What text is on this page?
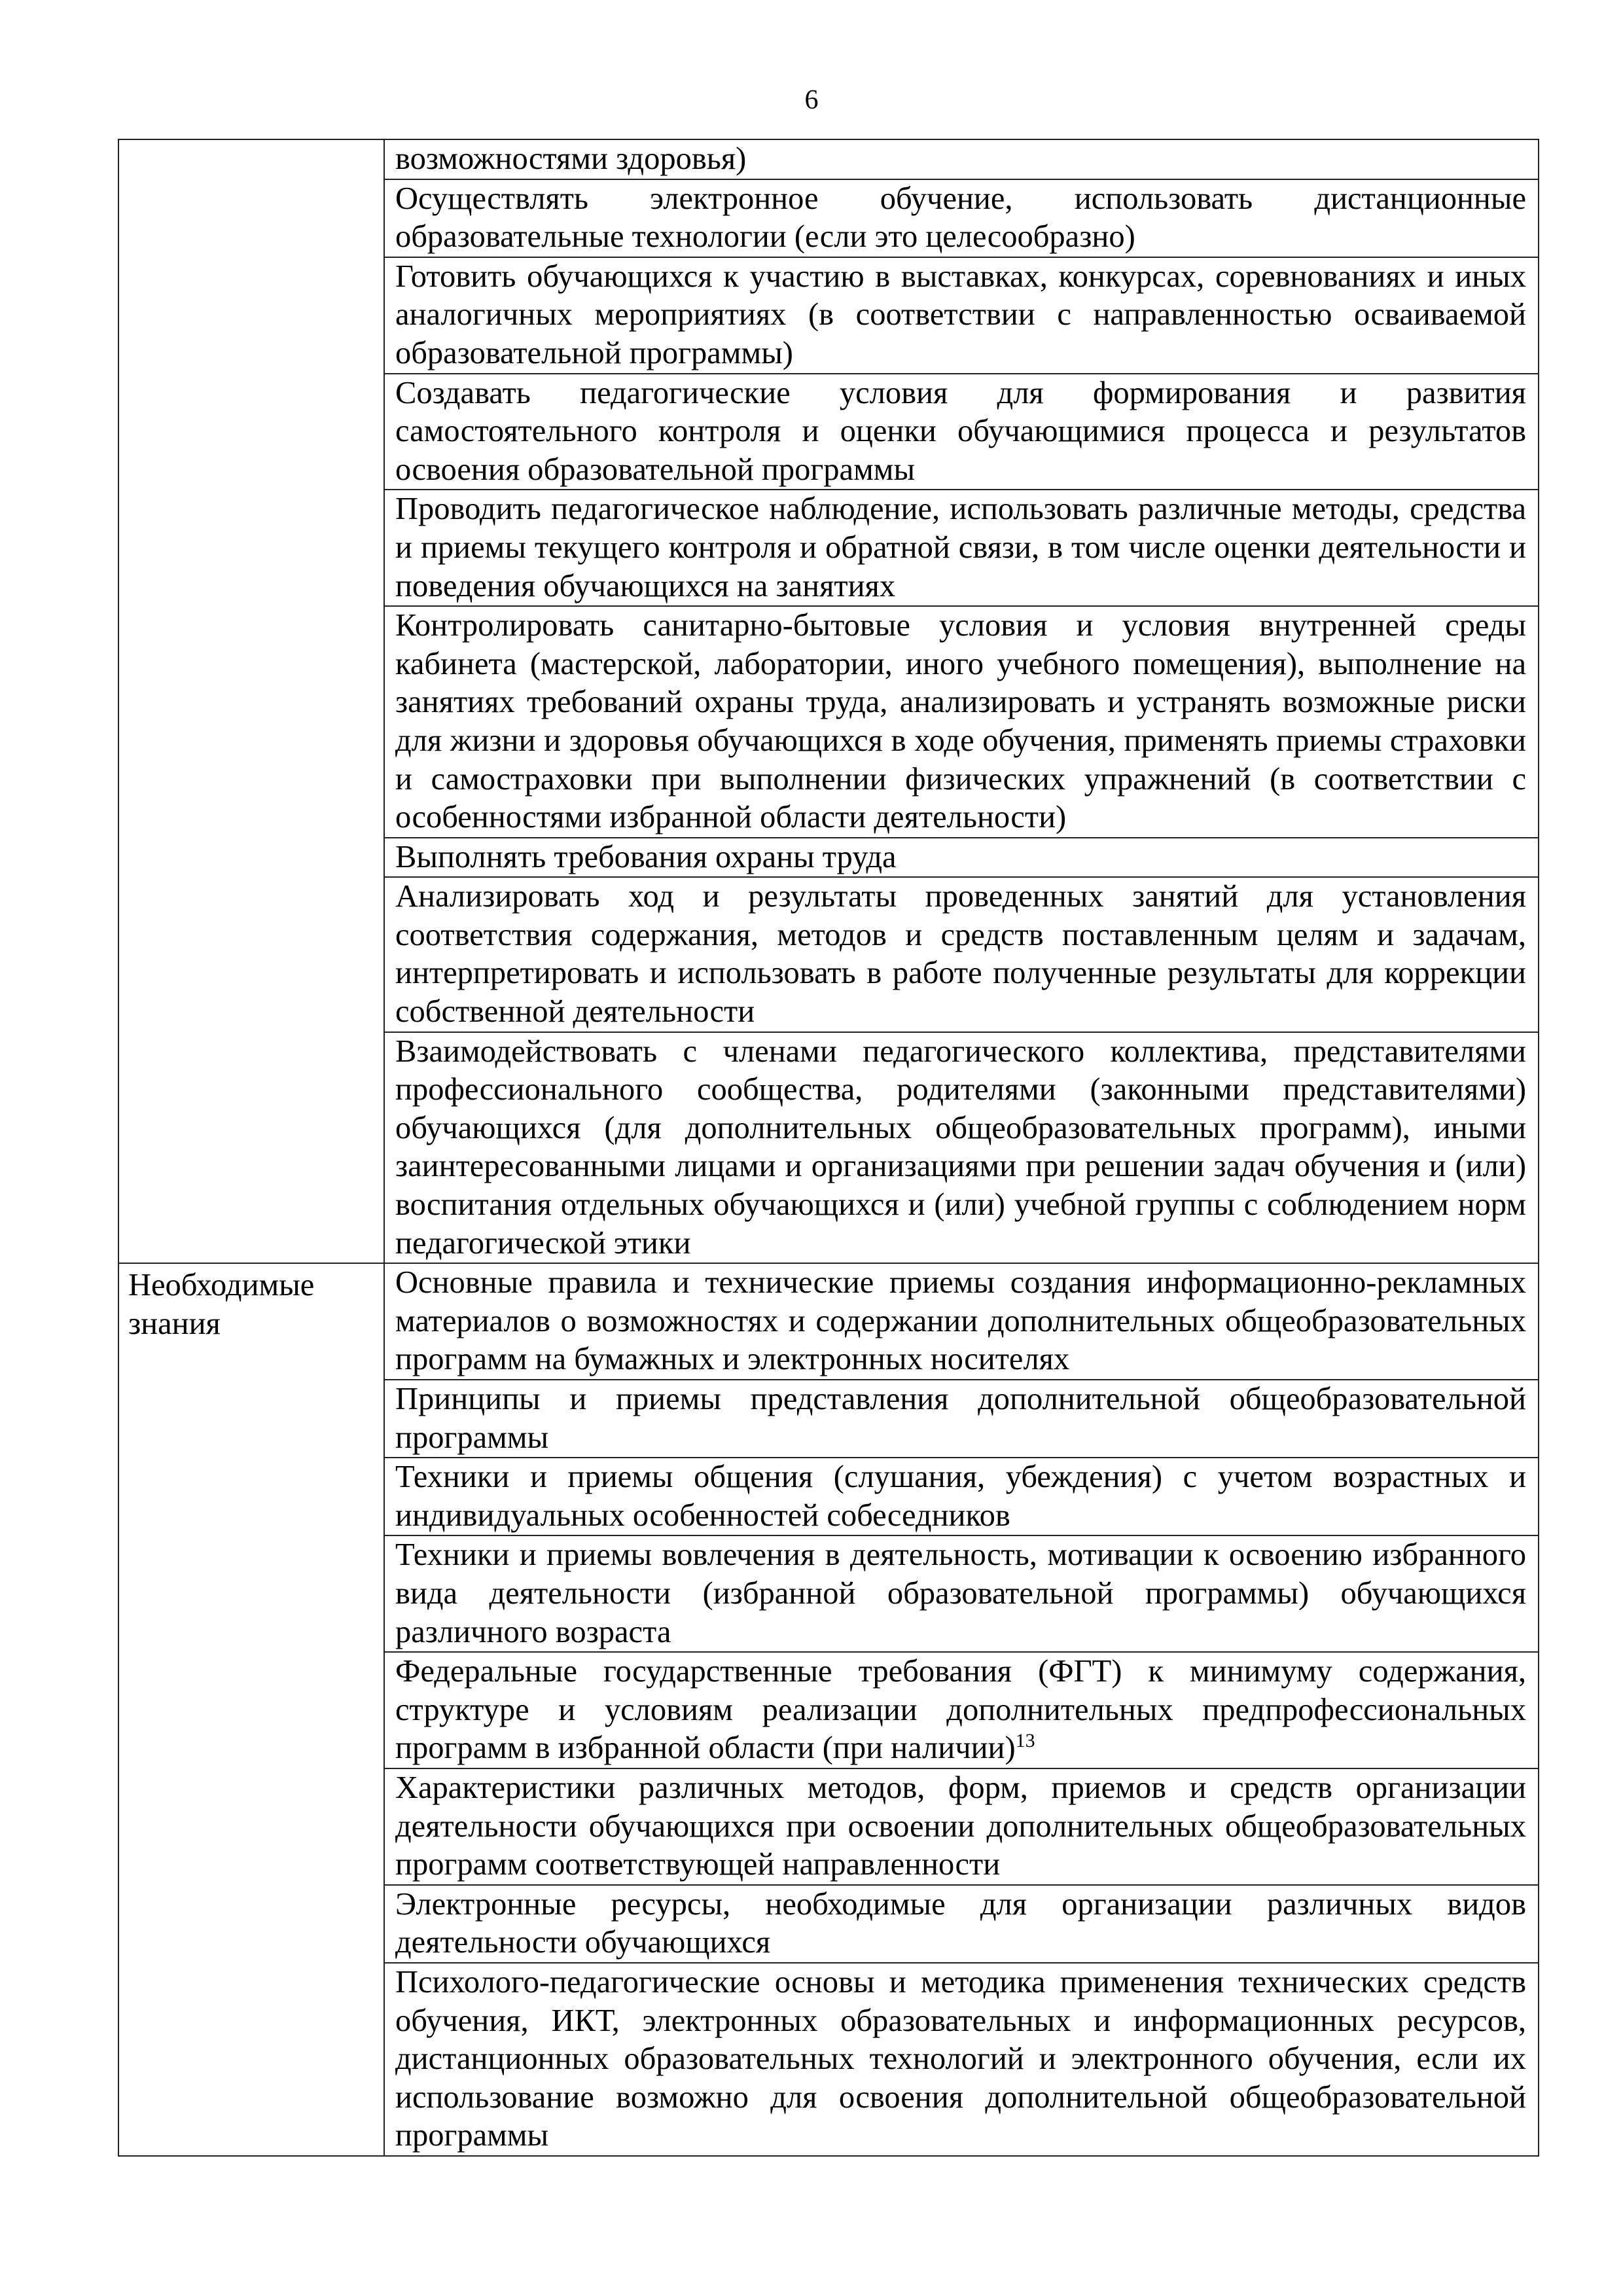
6
	возможностями здоровья)
	Осуществлять электронное обучение, использовать дистанционные образовательные технологии (если это целесообразно)
	Готовить обучающихся к участию в выставках, конкурсах, соревнованиях и иных аналогичных мероприятиях (в соответствии с направленностью осваиваемой образовательной программы)
	Создавать педагогические условия для формирования и развития самостоятельного контроля и оценки обучающимися процесса и результатов освоения образовательной программы
	Проводить педагогическое наблюдение, использовать различные методы, средства и приемы текущего контроля и обратной связи, в том числе оценки деятельности и поведения обучающихся на занятиях
	Контролировать санитарно-бытовые условия и условия внутренней среды кабинета (мастерской, лаборатории, иного учебного помещения), выполнение на занятиях требований охраны труда, анализировать и устранять возможные риски для жизни и здоровья обучающихся в ходе обучения, применять приемы страховки и самостраховки при выполнении физических упражнений (в соответствии с особенностями избранной области деятельности)
	Выполнять требования охраны труда
	Анализировать ход и результаты проведенных занятий для установления соответствия содержания, методов и средств поставленным целям и задачам, интерпретировать и использовать в работе полученные результаты для коррекции собственной деятельности
	Взаимодействовать с членами педагогического коллектива, представителями профессионального сообщества, родителями (законными представителями) обучающихся (для дополнительных общеобразовательных программ), иными заинтересованными лицами и организациями при решении задач обучения и (или) воспитания отдельных обучающихся и (или) учебной группы с соблюдением норм педагогической этики
Необходимые знания	Основные правила и технические приемы создания информационно-рекламных материалов о возможностях и содержании дополнительных общеобразовательных программ на бумажных и электронных носителях
	Принципы и приемы представления дополнительной общеобразовательной программы
	Техники и приемы общения (слушания, убеждения) с учетом возрастных и индивидуальных особенностей собеседников
	Техники и приемы вовлечения в деятельность, мотивации к освоению избранного вида деятельности (избранной образовательной программы) обучающихся различного возраста
	Федеральные государственные требования (ФГТ) к минимуму содержания, структуре и условиям реализации дополнительных предпрофессиональных программ в избранной области (при наличии)$^{13}$
	Характеристики различных методов, форм, приемов и средств организации деятельности обучающихся при освоении дополнительных общеобразовательных программ соответствующей направленности
	Электронные ресурсы, необходимые для организации различных видов деятельности обучающихся
	Психолого-педагогические основы и методика применения технических средств обучения, ИКТ, электронных образовательных и информационных ресурсов, дистанционных образовательных технологий и электронного обучения, если их использование возможно для освоения дополнительной общеобразовательной программы
